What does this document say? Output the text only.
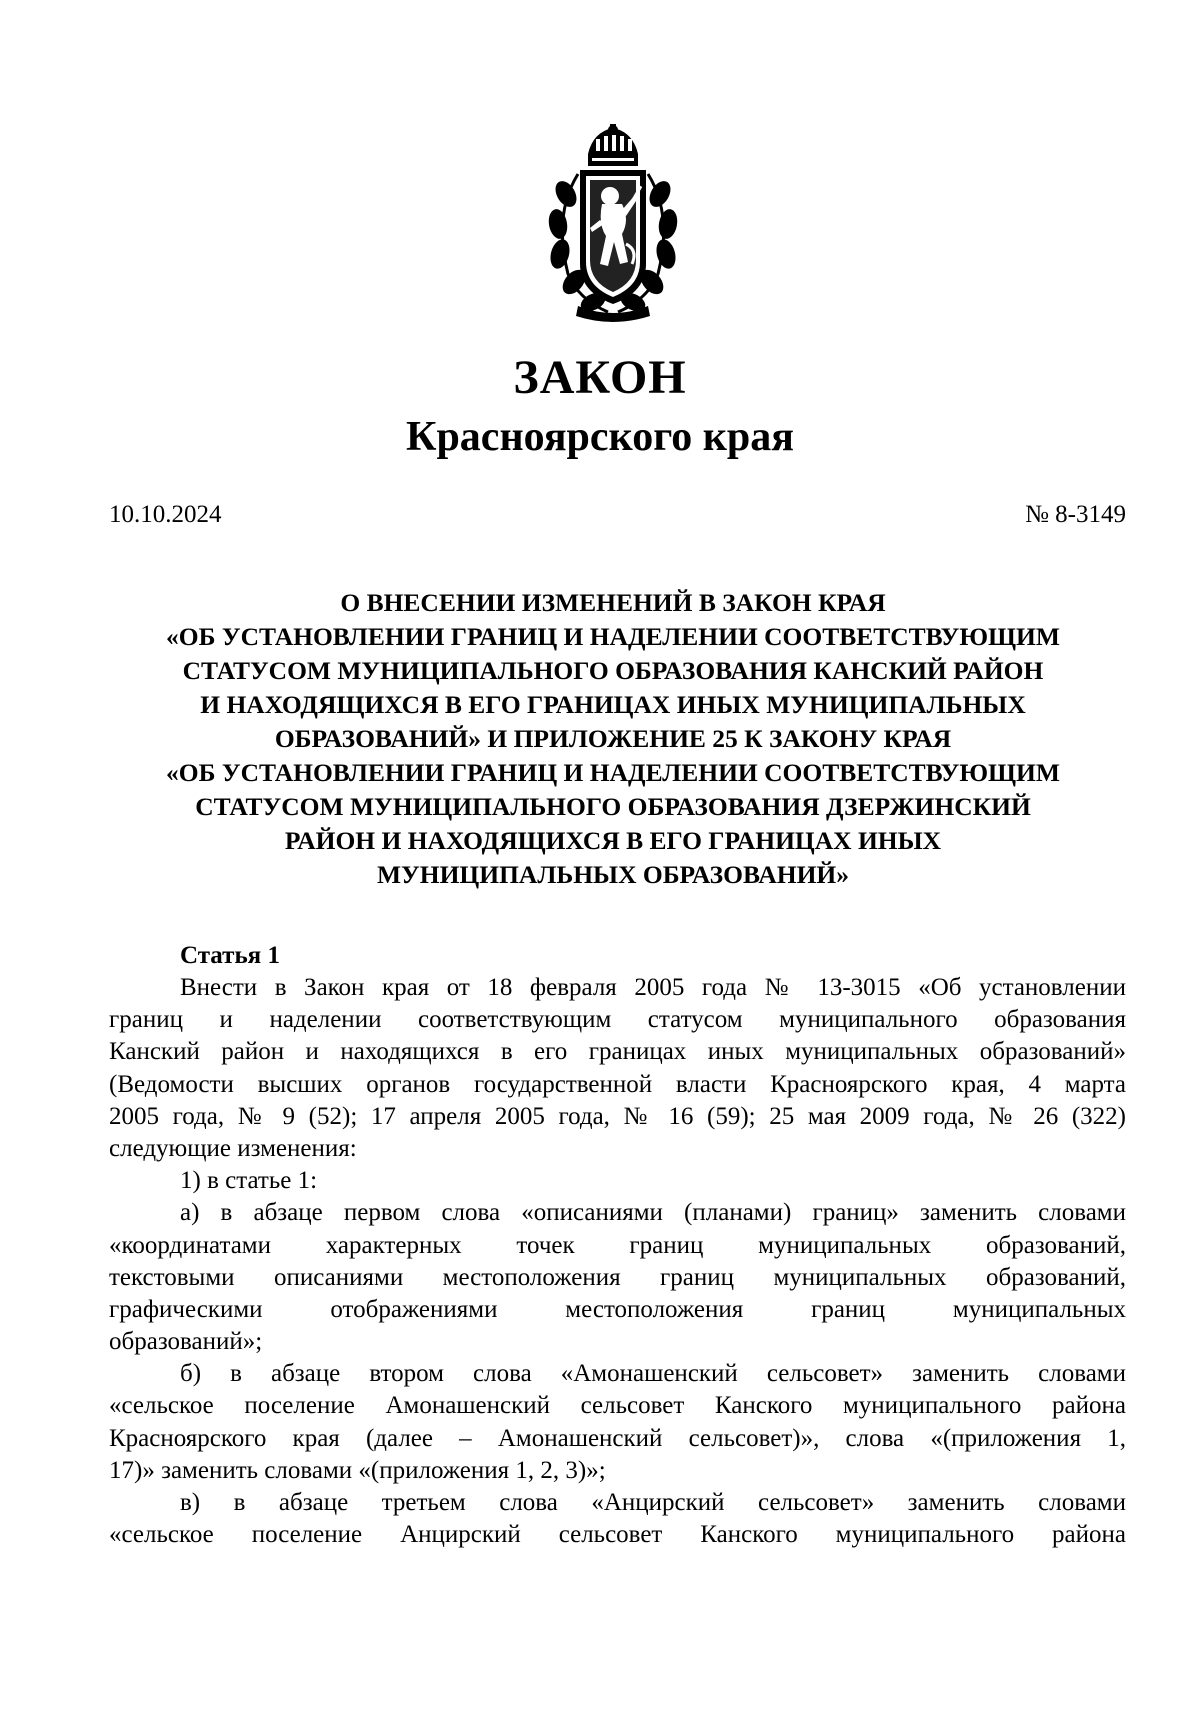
ЗАКОН
Красноярского края
10.10.2024	№ 8-3149
О ВНЕСЕНИИ ИЗМЕНЕНИЙ В ЗАКОН КРАЯ
«ОБ УСТАНОВЛЕНИИ ГРАНИЦ И НАДЕЛЕНИИ СООТВЕТСТВУЮЩИМ
СТАТУСОМ МУНИЦИПАЛЬНОГО ОБРАЗОВАНИЯ КАНСКИЙ РАЙОН
И НАХОДЯЩИХСЯ В ЕГО ГРАНИЦАХ ИНЫХ МУНИЦИПАЛЬНЫХ
ОБРАЗОВАНИЙ» И ПРИЛОЖЕНИЕ 25 К ЗАКОНУ КРАЯ
«ОБ УСТАНОВЛЕНИИ ГРАНИЦ И НАДЕЛЕНИИ СООТВЕТСТВУЮЩИМ
СТАТУСОМ МУНИЦИПАЛЬНОГО ОБРАЗОВАНИЯ ДЗЕРЖИНСКИЙ
РАЙОН И НАХОДЯЩИХСЯ В ЕГО ГРАНИЦАХ ИНЫХ
МУНИЦИПАЛЬНЫХ ОБРАЗОВАНИЙ»
Статья 1
Внести в Закон края от 18 февраля 2005 года № 13-3015 «Об установлении
границ и наделении соответствующим статусом муниципального образования
Канский район и находящихся в его границах иных муниципальных образований»
(Ведомости высших органов государственной власти Красноярского края, 4 марта
2005 года, № 9 (52); 17 апреля 2005 года, № 16 (59); 25 мая 2009 года, № 26 (322)
следующие изменения:
1) в статье 1:
а) в абзаце первом слова «описаниями (планами) границ» заменить словами
«координатами характерных точек границ муниципальных образований,
текстовыми описаниями местоположения границ муниципальных образований,
графическими отображениями местоположения границ муниципальных
образований»;
б) в абзаце втором слова «Амонашенский сельсовет» заменить словами
«сельское поселение Амонашенский сельсовет Канского муниципального района
Красноярского края (далее – Амонашенский сельсовет)», слова «(приложения 1,
17)» заменить словами «(приложения 1, 2, 3)»;
в) в абзаце третьем слова «Анцирский сельсовет» заменить словами
«сельское поселение Анцирский сельсовет Канского муниципального района
